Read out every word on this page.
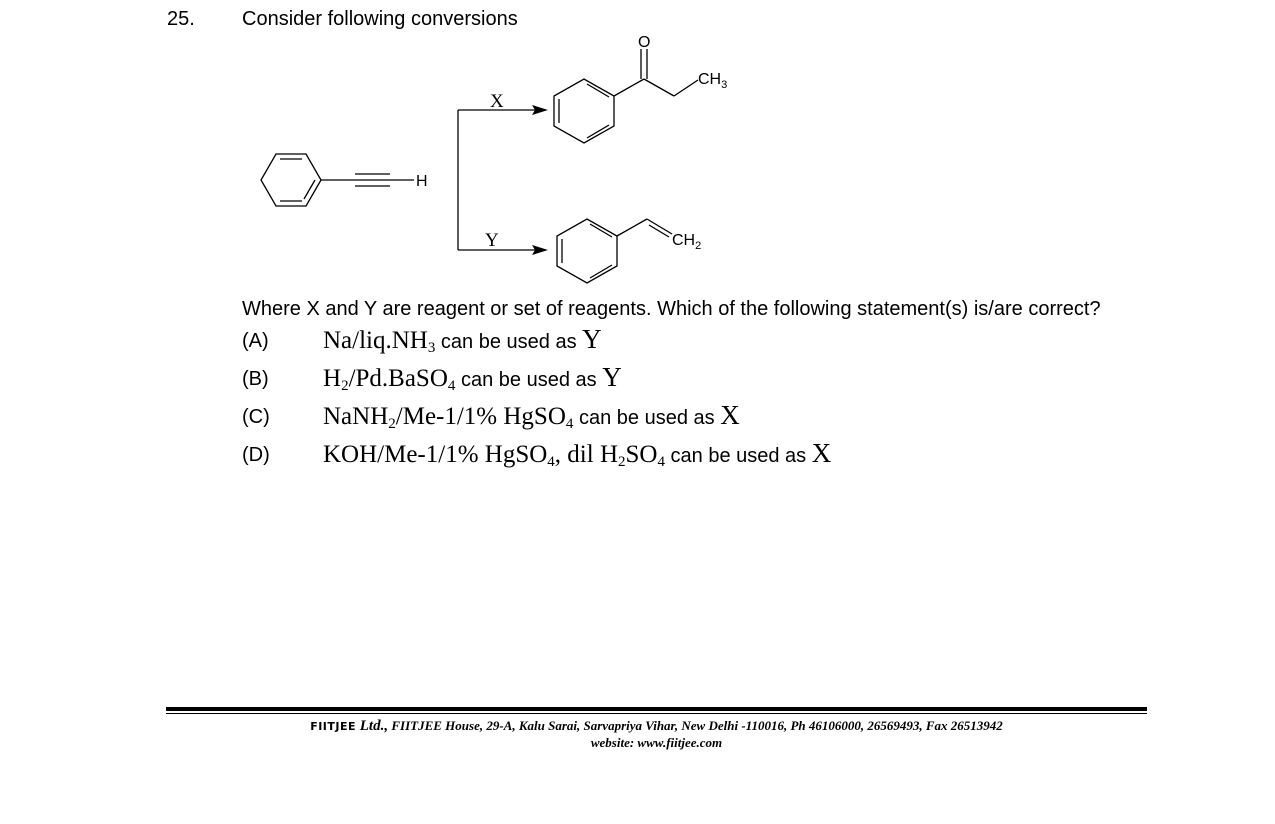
25. Consider following conversions
H
O
$CH_3$
$CH_2$
X
Y
Where X and Y are reagent or set of reagents. Which of the following statement(s) is/are correct?
(A) $Na/liq.NH_3$ can be used as Y
(B) $H_2/Pd.BaSO_4$ can be used as Y
(C) NaNH$_2$/Me-1/1% HgSO$_4$ can be used as X
(D) KOH/Me-1/1% HgSO$_4$, dil $H_2SO_4$ can be used as X
FIITJEE Ltd., FIITJEE House, 29-A, Kalu Sarai, Sarvapriya Vihar, New Delhi -110016, Ph 46106000, 26569493, Fax 26513942
website: www.fiitjee.com
